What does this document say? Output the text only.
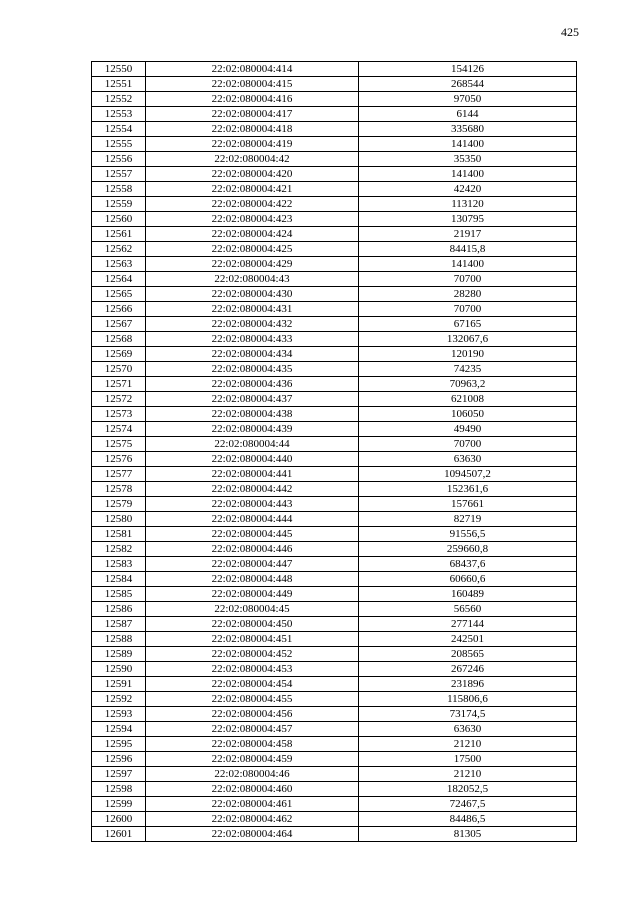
425
12550	22:02:080004:414	154126
12551	22:02:080004:415	268544
12552	22:02:080004:416	97050
12553	22:02:080004:417	6144
12554	22:02:080004:418	335680
12555	22:02:080004:419	141400
12556	22:02:080004:42	35350
12557	22:02:080004:420	141400
12558	22:02:080004:421	42420
12559	22:02:080004:422	113120
12560	22:02:080004:423	130795
12561	22:02:080004:424	21917
12562	22:02:080004:425	84415,8
12563	22:02:080004:429	141400
12564	22:02:080004:43	70700
12565	22:02:080004:430	28280
12566	22:02:080004:431	70700
12567	22:02:080004:432	67165
12568	22:02:080004:433	132067,6
12569	22:02:080004:434	120190
12570	22:02:080004:435	74235
12571	22:02:080004:436	70963,2
12572	22:02:080004:437	621008
12573	22:02:080004:438	106050
12574	22:02:080004:439	49490
12575	22:02:080004:44	70700
12576	22:02:080004:440	63630
12577	22:02:080004:441	1094507,2
12578	22:02:080004:442	152361,6
12579	22:02:080004:443	157661
12580	22:02:080004:444	82719
12581	22:02:080004:445	91556,5
12582	22:02:080004:446	259660,8
12583	22:02:080004:447	68437,6
12584	22:02:080004:448	60660,6
12585	22:02:080004:449	160489
12586	22:02:080004:45	56560
12587	22:02:080004:450	277144
12588	22:02:080004:451	242501
12589	22:02:080004:452	208565
12590	22:02:080004:453	267246
12591	22:02:080004:454	231896
12592	22:02:080004:455	115806,6
12593	22:02:080004:456	73174,5
12594	22:02:080004:457	63630
12595	22:02:080004:458	21210
12596	22:02:080004:459	17500
12597	22:02:080004:46	21210
12598	22:02:080004:460	182052,5
12599	22:02:080004:461	72467,5
12600	22:02:080004:462	84486,5
12601	22:02:080004:464	81305
